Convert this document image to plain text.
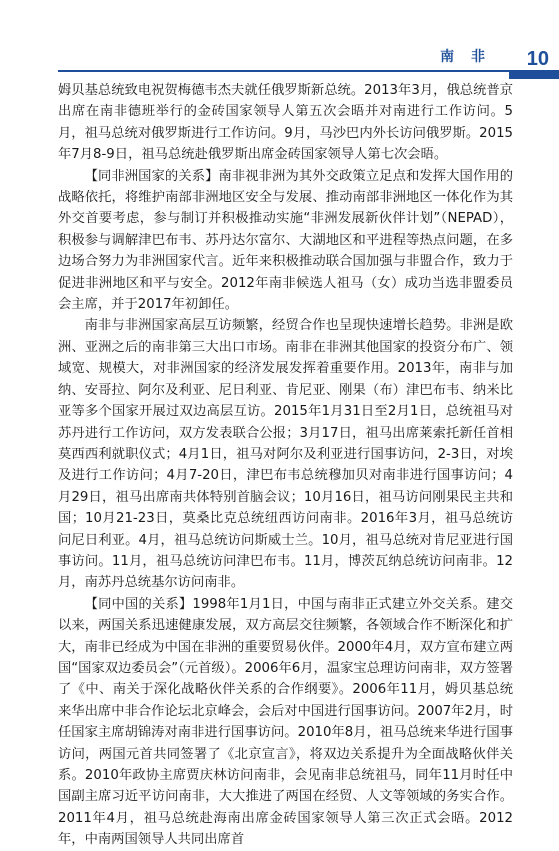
南 非 10

姆贝基总统致电祝贺梅德韦杰夫就任俄罗斯新总统。2013年3月，俄总统普京出席在南非德班举行的金砖国家领导人第五次会晤并对南进行工作访问。5月，祖马总统对俄罗斯进行工作访问。9月，马沙巴内外长访问俄罗斯。2015年7月8-9日，祖马总统赴俄罗斯出席金砖国家领导人第七次会晤。

【同非洲国家的关系】南非视非洲为其外交政策立足点和发挥大国作用的战略依托，将维护南部非洲地区安全与发展、推动南部非洲地区一体化作为其外交首要考虑，参与制订并积极推动实施“非洲发展新伙伴计划”（NEPAD），积极参与调解津巴布韦、苏丹达尔富尔、大湖地区和平进程等热点问题，在多边场合努力为非洲国家代言。近年来积极推动联合国加强与非盟合作，致力于促进非洲地区和平与安全。2012年南非候选人祖马（女）成功当选非盟委员会主席，并于2017年初卸任。

南非与非洲国家高层互访频繁，经贸合作也呈现快速增长趋势。非洲是欧洲、亚洲之后的南非第三大出口市场。南非在非洲其他国家的投资分布广、领域宽、规模大，对非洲国家的经济发展发挥着重要作用。2013年，南非与加纳、安哥拉、阿尔及利亚、尼日利亚、肯尼亚、刚果（布）津巴布韦、纳米比亚等多个国家开展过双边高层互访。2015年1月31日至2月1日，总统祖马对苏丹进行工作访问，双方发表联合公报；3月17日，祖马出席莱索托新任首相莫西西利就职仪式；4月1日，祖马对阿尔及利亚进行国事访问，2-3日，对埃及进行工作访问；4月7-20日，津巴布韦总统穆加贝对南非进行国事访问；4月29日，祖马出席南共体特别首脑会议；10月16日，祖马访问刚果民主共和国；10月21-23日，莫桑比克总统纽西访问南非。2016年3月，祖马总统访问尼日利亚。4月，祖马总统访问斯威士兰。10月，祖马总统对肯尼亚进行国事访问。11月，祖马总统访问津巴布韦。11月，博茨瓦纳总统访问南非。12月，南苏丹总统基尔访问南非。

【同中国的关系】1998年1月1日，中国与南非正式建立外交关系。建交以来，两国关系迅速健康发展，双方高层交往频繁，各领域合作不断深化和扩大，南非已经成为中国在非洲的重要贸易伙伴。2000年4月，双方宣布建立两国“国家双边委员会”（元首级）。2006年6月，温家宝总理访问南非，双方签署了《中、南关于深化战略伙伴关系的合作纲要》。2006年11月，姆贝基总统来华出席中非合作论坛北京峰会，会后对中国进行国事访问。2007年2月，时任国家主席胡锦涛对南非进行国事访问。2010年8月，祖马总统来华进行国事访问，两国元首共同签署了《北京宣言》，将双边关系提升为全面战略伙伴关系。2010年政协主席贾庆林访问南非，会见南非总统祖马，同年11月时任中国副主席习近平访问南非，大大推进了两国在经贸、人文等领域的务实合作。2011年4月，祖马总统赴海南出席金砖国家领导人第三次正式会晤。2012年，中南两国领导人共同出席首
